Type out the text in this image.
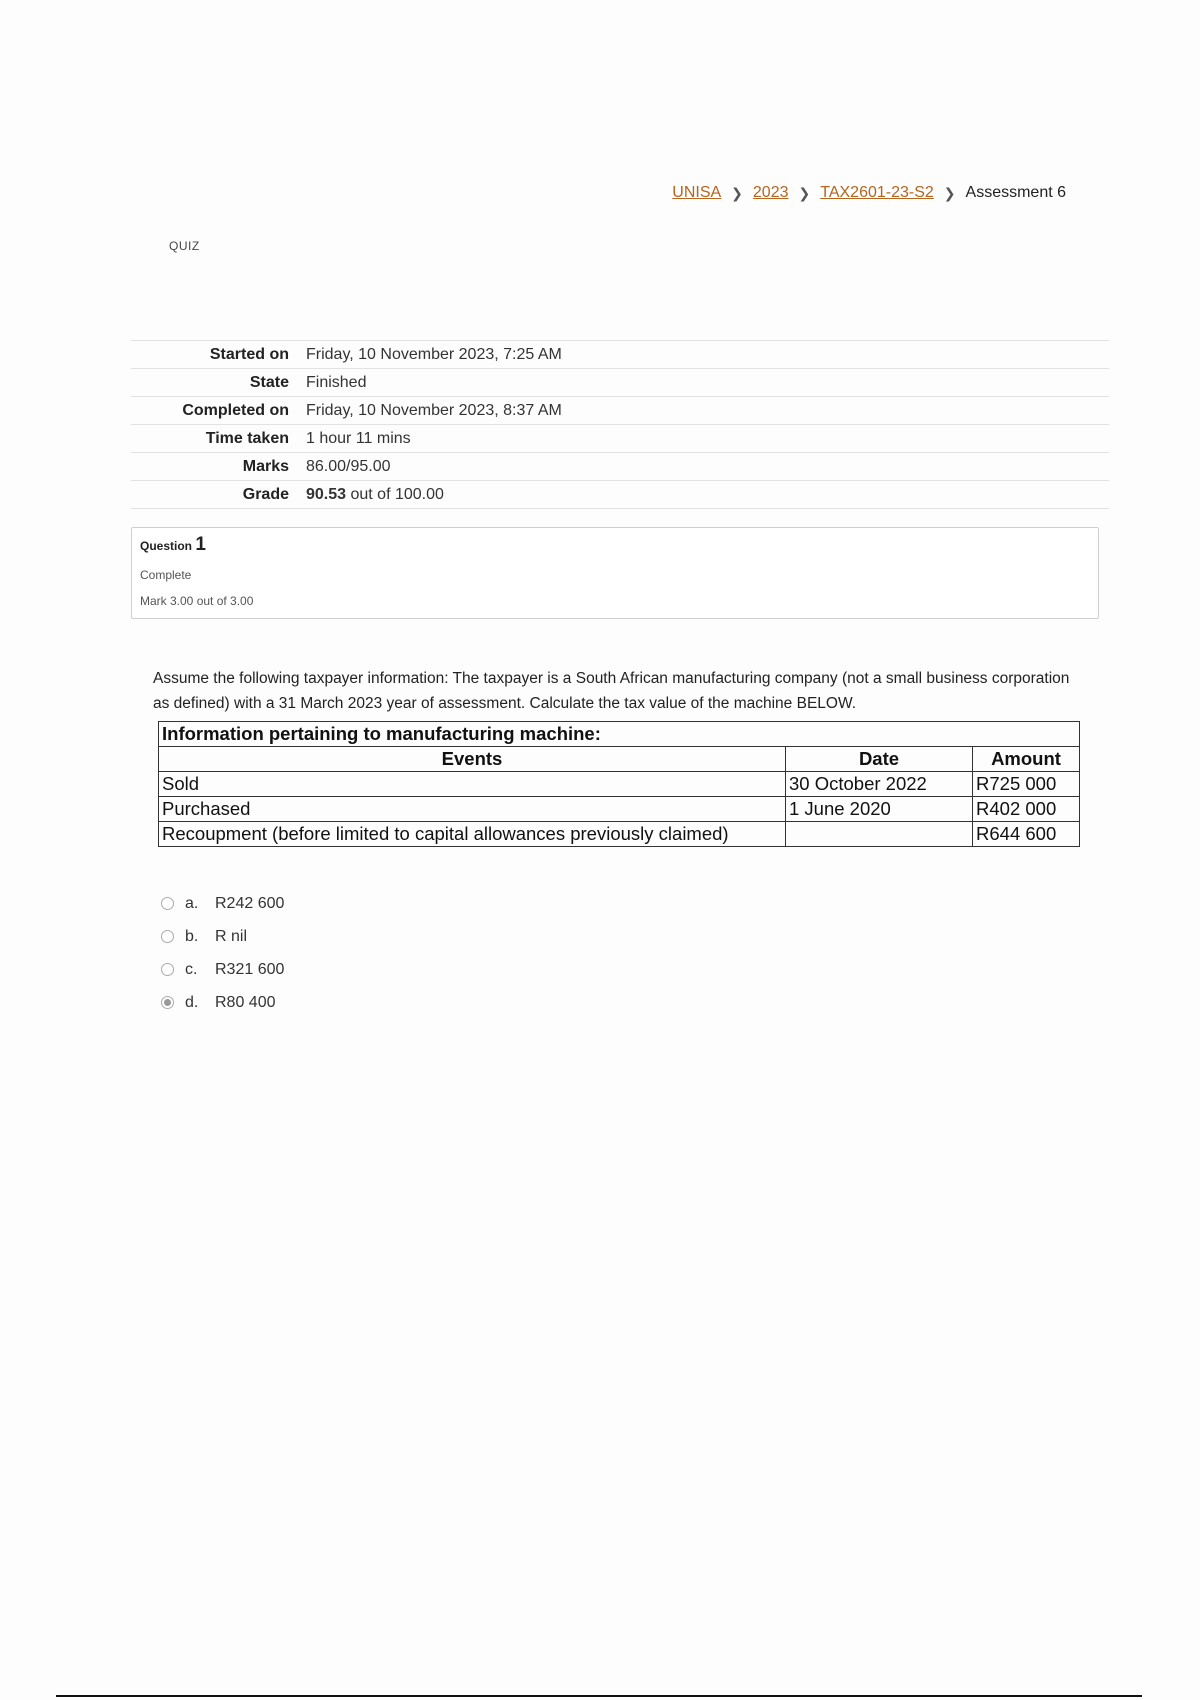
UNISA ❯ 2023 ❯ TAX2601-23-S2 ❯ Assessment 6
QUIZ
Started on	Friday, 10 November 2023, 7:25 AM
State	Finished
Completed on	Friday, 10 November 2023, 8:37 AM
Time taken	1 hour 11 mins
Marks	86.00/95.00
Grade	90.53 out of 100.00
Question 1
Complete
Mark 3.00 out of 3.00
Assume the following taxpayer information: The taxpayer is a South African manufacturing company (not a small business corporation as defined) with a 31 March 2023 year of assessment. Calculate the tax value of the machine BELOW.
Information pertaining to manufacturing machine:		
Events	Date	Amount
Sold	30 October 2022	R725 000
Purchased	1 June 2020	R402 000
Recoupment (before limited to capital allowances previously claimed)		R644 600
a.	R242 600
b.	R nil
c.	R321 600
d.	R80 400
